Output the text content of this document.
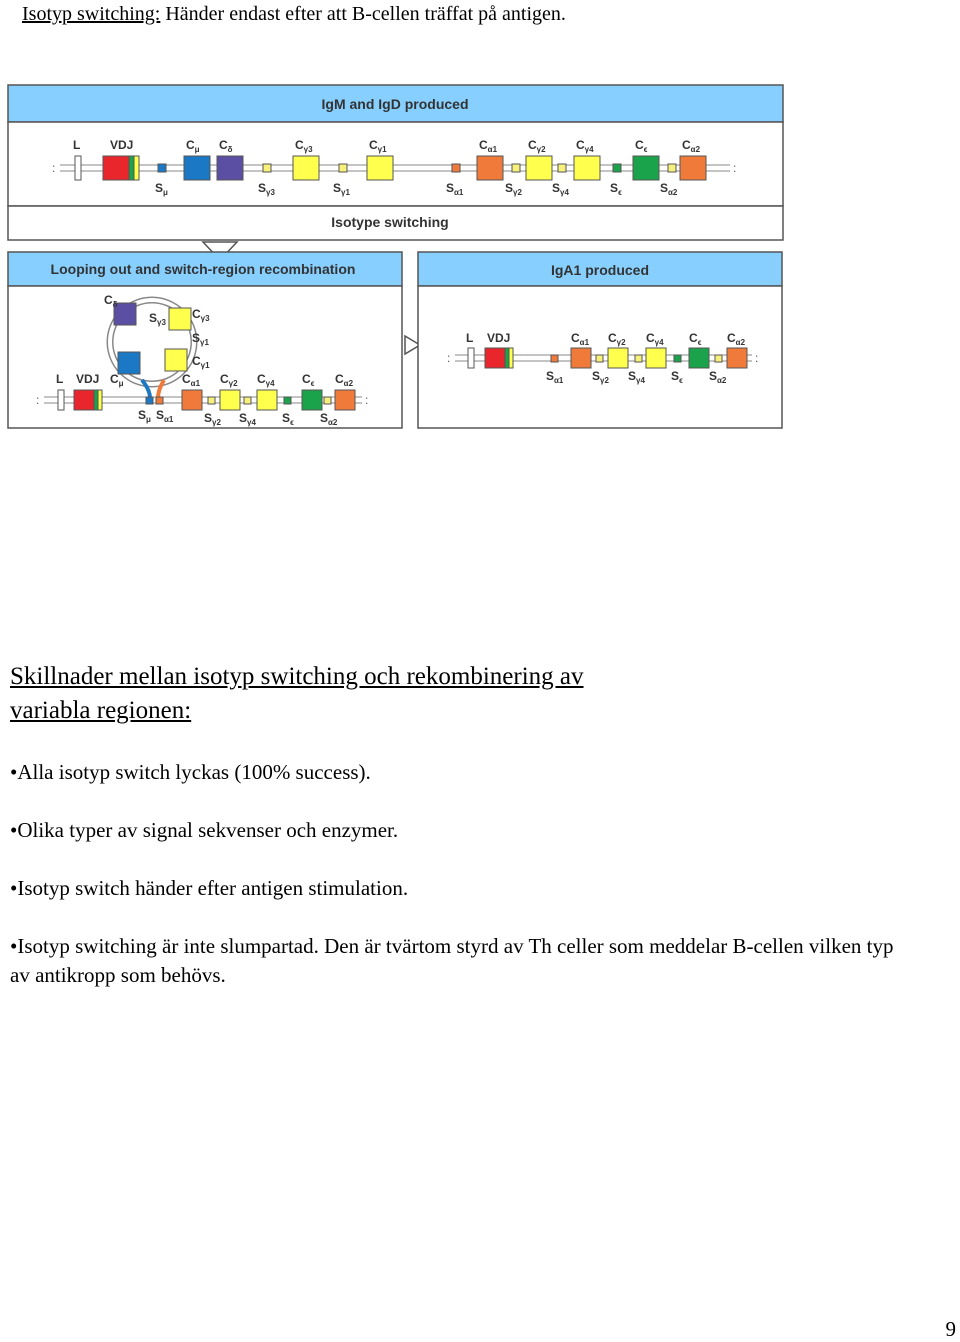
Isotyp switching: Händer endast efter att B-cellen träffat på antigen.
IgM and IgD produced
:	:
L VDJ	$C_\mu$ $C_\delta$	$C_{\gamma 3}$	$C_{\gamma 1}$	$C_{\alpha 1}$	$C_{\gamma 2}$	$C_{\gamma 4}$	$C_\epsilon$	$C_{\alpha 2}$
$S_\mu$	$S_{\gamma 3}$	$S_{\gamma 1}$	$S_{\alpha 1}$	$S_{\gamma 2}$	$S_{\gamma 4}$	$S_\epsilon$	$S_{\alpha 2}$
Isotype switching
Looping out and switch-region recombination
$C_\delta$
$S_{\gamma 3}$
$C_{\gamma 3}$
$S_{\gamma 1}$
$C_{\gamma 1}$
:	:
L VDJ $C_\mu$	$C_{\alpha 1}$ $C_{\gamma 2}$ $C_{\gamma 4}$ $C_\epsilon$ $C_{\alpha 2}$
$S_\mu$ $S_{\alpha 1}$	$S_{\gamma 2}$ $S_{\gamma 4}$ $S_\epsilon$ $S_{\alpha 2}$
IgA1 produced
:	:
L VDJ	$C_{\alpha 1}$ $C_{\gamma 2}$ $C_{\gamma 4}$ $C_\epsilon$ $C_{\alpha 2}$
$S_{\alpha 1}$ $S_{\gamma 2}$ $S_{\gamma 4}$ $S_\epsilon$ $S_{\alpha 2}$
Skillnader mellan isotyp switching och rekombinering av
variabla regionen:

•Alla isotyp switch lyckas (100% success).

•Olika typer av signal sekvenser och enzymer.

•Isotyp switch händer efter antigen stimulation.

•Isotyp switching är inte slumpartad. Den är tvärtom styrd av Th celler som meddelar B-cellen vilken typ av antikropp som behövs.

9
